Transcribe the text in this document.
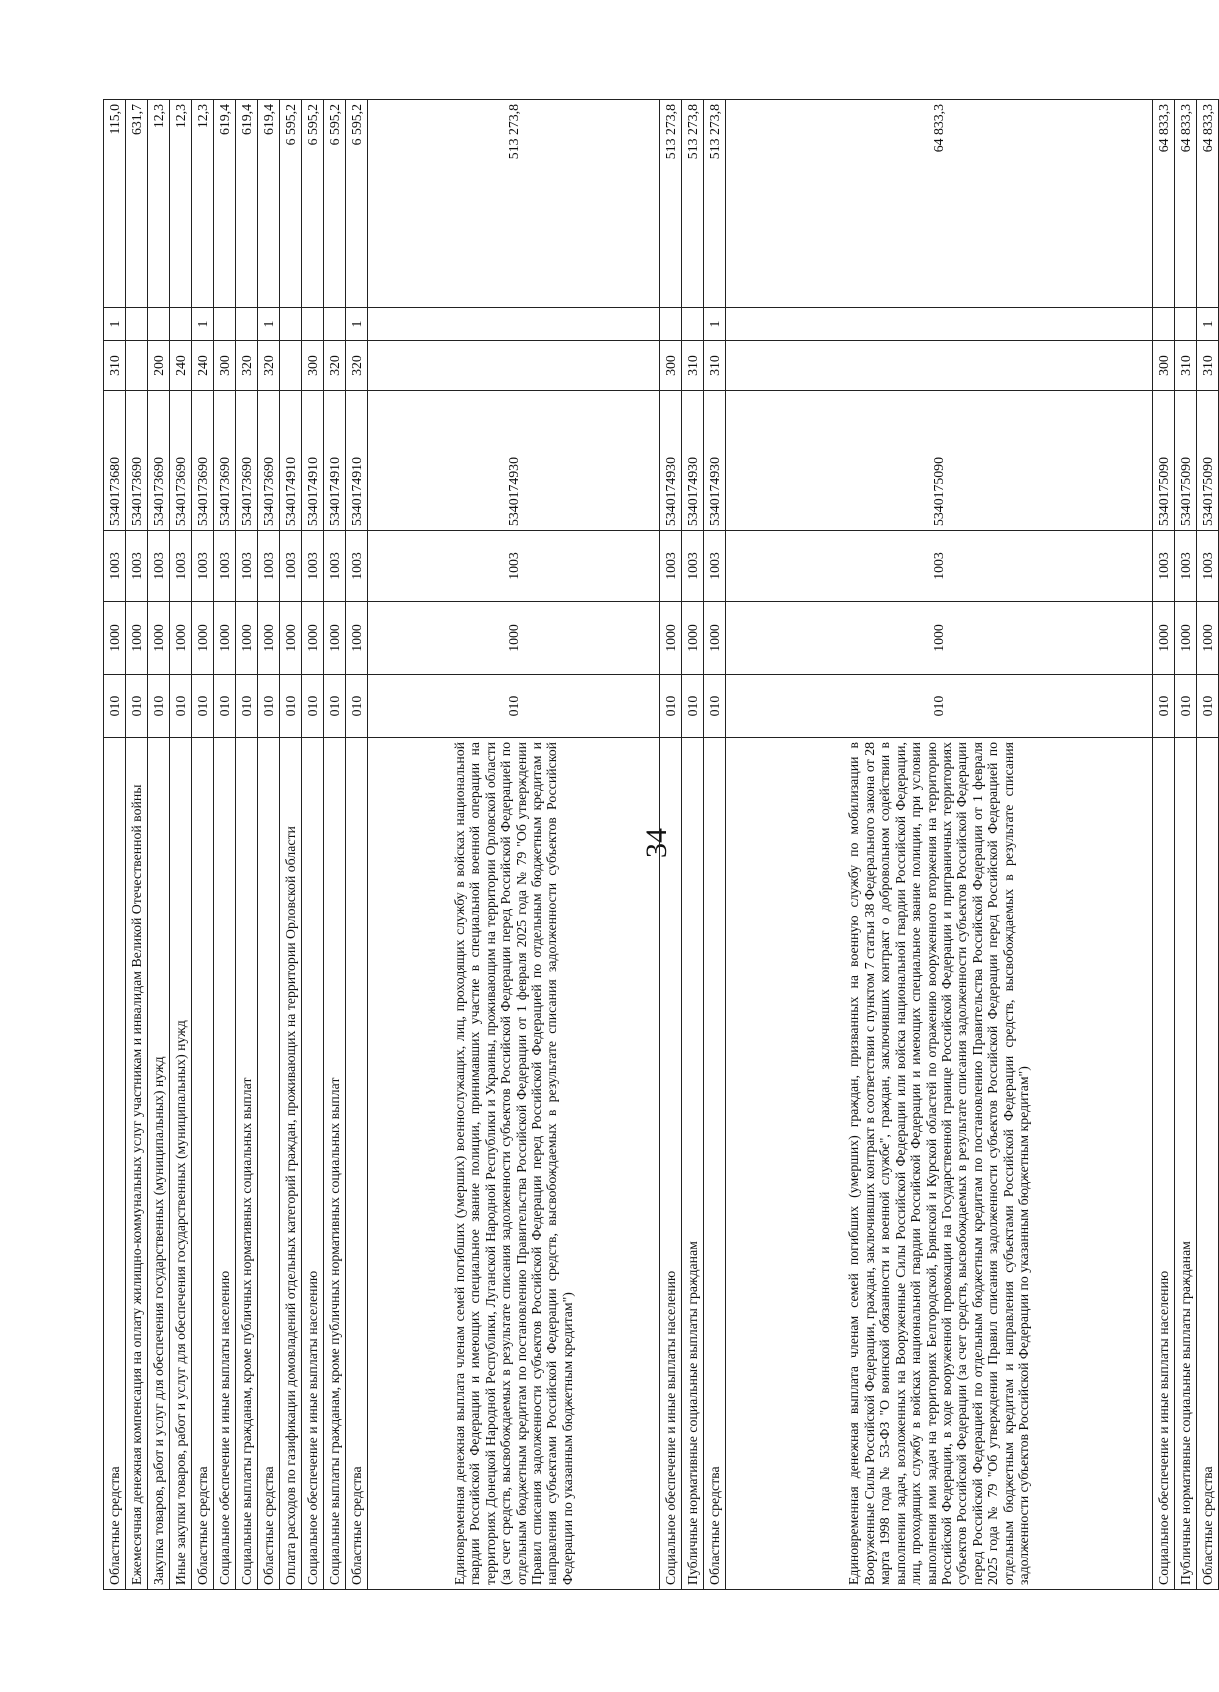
34
Областные средства	010	1000	1003	5340173680	310	1	115,0
Ежемесячная денежная компенсация на оплату жилищно-коммунальных услуг участникам и инвалидам Великой Отечественной войны	010	1000	1003	5340173690			631,7
Закупка товаров, работ и услуг для обеспечения государственных (муниципальных) нужд	010	1000	1003	5340173690	200		12,3
Иные закупки товаров, работ и услуг для обеспечения государственных (муниципальных) нужд	010	1000	1003	5340173690	240		12,3
Областные средства	010	1000	1003	5340173690	240	1	12,3
Социальное обеспечение и иные выплаты населению	010	1000	1003	5340173690	300		619,4
Социальные выплаты гражданам, кроме публичных нормативных социальных выплат	010	1000	1003	5340173690	320		619,4
Областные средства	010	1000	1003	5340173690	320	1	619,4
Оплата расходов по газификации домовладений отдельных категорий граждан, проживающих на территории Орловской области	010	1000	1003	5340174910			6 595,2
Социальное обеспечение и иные выплаты населению	010	1000	1003	5340174910	300		6 595,2
Социальные выплаты гражданам, кроме публичных нормативных социальных выплат	010	1000	1003	5340174910	320		6 595,2
Областные средства	010	1000	1003	5340174910	320	1	6 595,2
Единовременная денежная выплата членам семей погибших (умерших) военнослужащих, лиц, проходящих службу в войсках национальной гвардии Российской Федерации и имеющих специальное звание полиции, принимавших участие в специальной военной операции на территориях Донецкой Народной Республики, Луганской Народной Республики и Украины, проживающим на территории Орловской области (за счет средств, высвобождаемых в результате списания задолженности субъектов Российской Федерации перед Российской Федерацией по отдельным бюджетным кредитам по постановлению Правительства Российской Федерации от 1 февраля 2025 года № 79 "Об утверждении Правил списания задолженности субъектов Российской Федерации перед Российской Федерацией по отдельным бюджетным кредитам и направления субъектами Российской Федерации средств, высвобождаемых в результате списания задолженности субъектов Российской Федерации по указанным бюджетным кредитам")	010	1000	1003	5340174930			513 273,8
Социальное обеспечение и иные выплаты населению	010	1000	1003	5340174930	300		513 273,8
Публичные нормативные социальные выплаты гражданам	010	1000	1003	5340174930	310		513 273,8
Областные средства	010	1000	1003	5340174930	310	1	513 273,8
Единовременная денежная выплата членам семей погибших (умерших) граждан, призванных на военную службу по мобилизации в Вооруженные Силы Российской Федерации, граждан, заключивших контракт в соответствии с пунктом 7 статьи 38 Федерального закона от 28 марта 1998 года № 53-ФЗ "О воинской обязанности и военной службе", граждан, заключивших контракт о добровольном содействии в выполнении задач, возложенных на Вооруженные Силы Российской Федерации или войска национальной гвардии Российской Федерации, лиц, проходящих службу в войсках национальной гвардии Российской Федерации и имеющих специальное звание полиции, при условии выполнения ими задач на территориях Белгородской, Брянской и Курской областей по отражению вооруженного вторжения на территорию Российской Федерации, в ходе вооруженной провокации на Государственной границе Российской Федерации и приграничных территориях субъектов Российской Федерации (за счет средств, высвобождаемых в результате списания задолженности субъектов Российской Федерации перед Российской Федерацией по отдельным бюджетным кредитам по постановлению Правительства Российской Федерации от 1 февраля 2025 года № 79 "Об утверждении Правил списания задолженности субъектов Российской Федерации перед Российской Федерацией по отдельным бюджетным кредитам и направления субъектами Российской Федерации средств, высвобождаемых в результате списания задолженности субъектов Российской Федерации по указанным бюджетным кредитам")	010	1000	1003	5340175090			64 833,3
Социальное обеспечение и иные выплаты населению	010	1000	1003	5340175090	300		64 833,3
Публичные нормативные социальные выплаты гражданам	010	1000	1003	5340175090	310		64 833,3
Областные средства	010	1000	1003	5340175090	310	1	64 833,3
